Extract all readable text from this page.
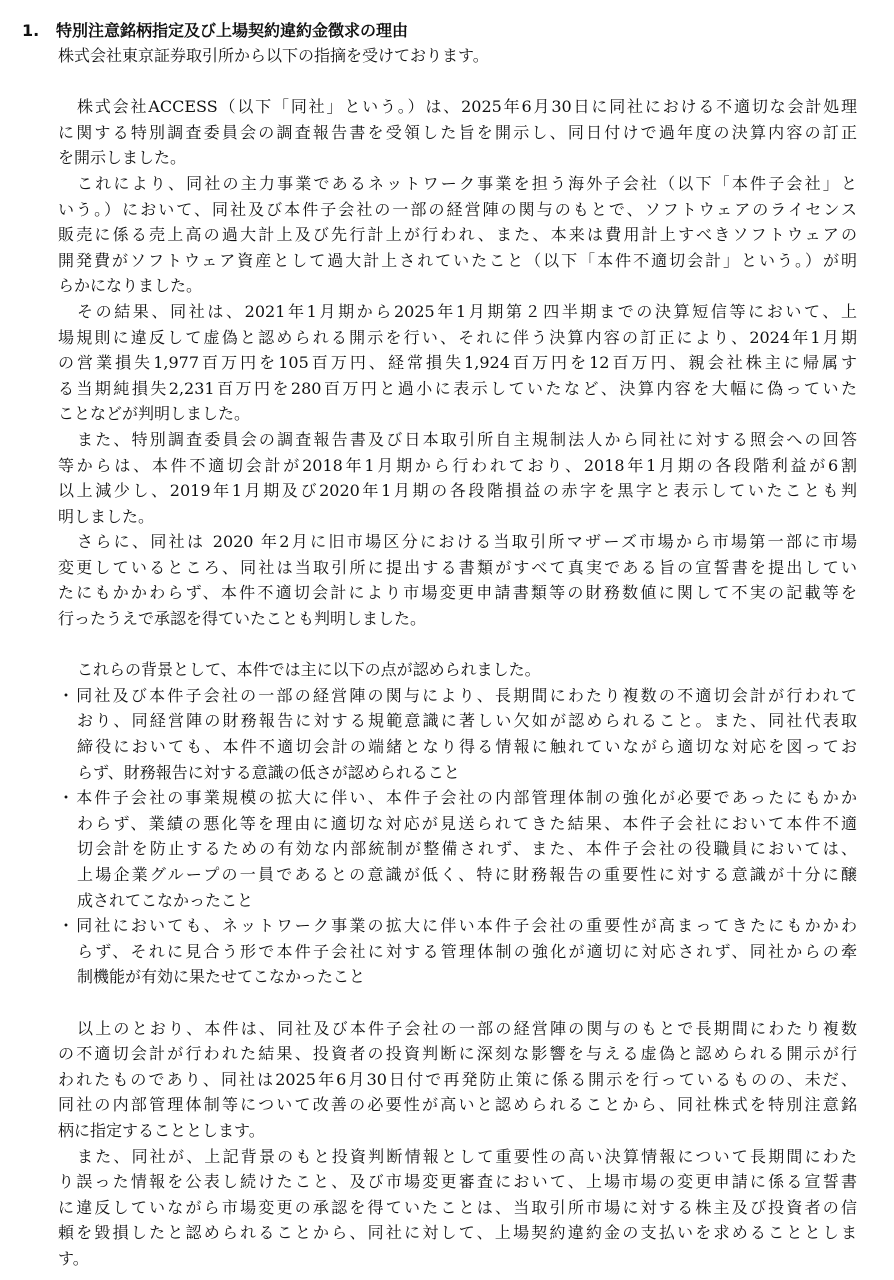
1. 特別注意銘柄指定及び上場契約違約金徴求の理由
株式会社東京証券取引所から以下の指摘を受けております。
株式会社ACCESS（以下「同社」という。）は、2025年6月30日に同社における不適切な会計処理
に関する特別調査委員会の調査報告書を受領した旨を開示し、同日付けで過年度の決算内容の訂正
を開示しました。
これにより、同社の主力事業であるネットワーク事業を担う海外子会社（以下「本件子会社」と
いう。）において、同社及び本件子会社の一部の経営陣の関与のもとで、ソフトウェアのライセンス
販売に係る売上高の過大計上及び先行計上が行われ、また、本来は費用計上すべきソフトウェアの
開発費がソフトウェア資産として過大計上されていたこと（以下「本件不適切会計」という。）が明
らかになりました。
その結果、同社は、2021年1月期から2025年1月期第２四半期までの決算短信等において、上
場規則に違反して虚偽と認められる開示を行い、それに伴う決算内容の訂正により、2024年1月期
の営業損失1,977百万円を105百万円、経常損失1,924百万円を12百万円、親会社株主に帰属す
る当期純損失2,231百万円を280百万円と過小に表示していたなど、決算内容を大幅に偽っていた
ことなどが判明しました。
また、特別調査委員会の調査報告書及び日本取引所自主規制法人から同社に対する照会への回答
等からは、本件不適切会計が2018年1月期から行われており、2018年1月期の各段階利益が6割
以上減少し、2019年1月期及び2020年1月期の各段階損益の赤字を黒字と表示していたことも判
明しました。
さらに、同社は 2020 年2月に旧市場区分における当取引所マザーズ市場から市場第一部に市場
変更しているところ、同社は当取引所に提出する書類がすべて真実である旨の宣誓書を提出してい
たにもかかわらず、本件不適切会計により市場変更申請書類等の財務数値に関して不実の記載等を
行ったうえで承認を得ていたことも判明しました。
これらの背景として、本件では主に以下の点が認められました。
・同社及び本件子会社の一部の経営陣の関与により、長期間にわたり複数の不適切会計が行われて
おり、同経営陣の財務報告に対する規範意識に著しい欠如が認められること。また、同社代表取
締役においても、本件不適切会計の端緒となり得る情報に触れていながら適切な対応を図ってお
らず、財務報告に対する意識の低さが認められること
・本件子会社の事業規模の拡大に伴い、本件子会社の内部管理体制の強化が必要であったにもかか
わらず、業績の悪化等を理由に適切な対応が見送られてきた結果、本件子会社において本件不適
切会計を防止するための有効な内部統制が整備されず、また、本件子会社の役職員においては、
上場企業グループの一員であるとの意識が低く、特に財務報告の重要性に対する意識が十分に醸
成されてこなかったこと
・同社においても、ネットワーク事業の拡大に伴い本件子会社の重要性が高まってきたにもかかわ
らず、それに見合う形で本件子会社に対する管理体制の強化が適切に対応されず、同社からの牽
制機能が有効に果たせてこなかったこと
以上のとおり、本件は、同社及び本件子会社の一部の経営陣の関与のもとで長期間にわたり複数
の不適切会計が行われた結果、投資者の投資判断に深刻な影響を与える虚偽と認められる開示が行
われたものであり、同社は2025年6月30日付で再発防止策に係る開示を行っているものの、未だ、
同社の内部管理体制等について改善の必要性が高いと認められることから、同社株式を特別注意銘
柄に指定することとします。
また、同社が、上記背景のもと投資判断情報として重要性の高い決算情報について長期間にわた
り誤った情報を公表し続けたこと、及び市場変更審査において、上場市場の変更申請に係る宣誓書
に違反していながら市場変更の承認を得ていたことは、当取引所市場に対する株主及び投資者の信
頼を毀損したと認められることから、同社に対して、上場契約違約金の支払いを求めることとしま
す。
